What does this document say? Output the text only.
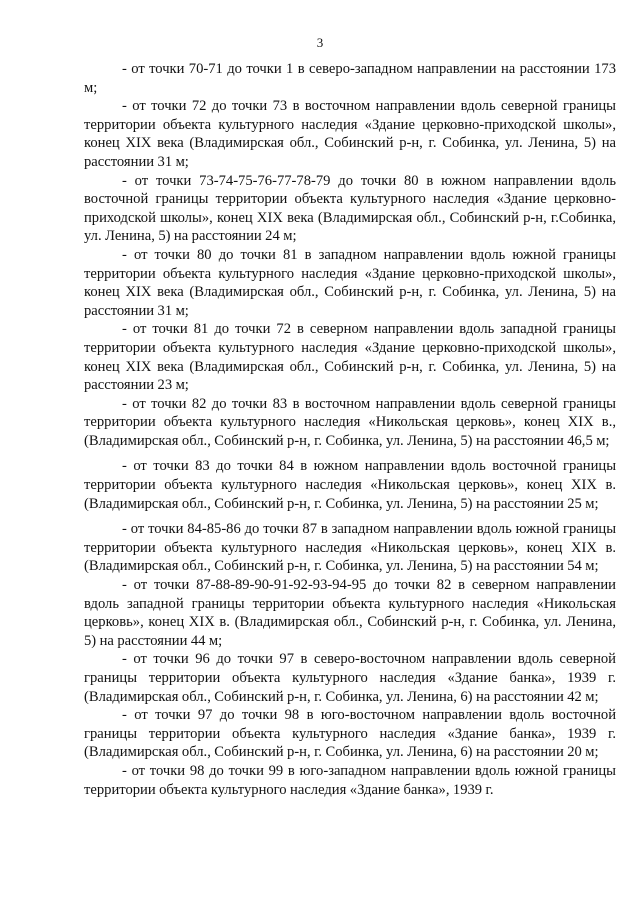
3

- от точки 70-71 до точки 1 в северо-западном направлении на расстоянии 173 м;

- от точки 72 до точки 73 в восточном направлении вдоль северной границы территории объекта культурного наследия «Здание церковно-приходской школы», конец XIX века (Владимирская обл., Собинский р-н, г. Собинка, ул. Ленина, 5) на расстоянии 31 м;

- от точки 73-74-75-76-77-78-79 до точки 80 в южном направлении вдоль восточной границы территории объекта культурного наследия «Здание церковно-приходской школы», конец XIX века (Владимирская обл., Собинский р-н, г.Собинка, ул. Ленина, 5) на расстоянии 24 м;

- от точки 80 до точки 81 в западном направлении вдоль южной границы территории объекта культурного наследия «Здание церковно-приходской школы», конец XIX века (Владимирская обл., Собинский р-н, г. Собинка, ул. Ленина, 5) на расстоянии 31 м;

- от точки 81 до точки 72 в северном направлении вдоль западной границы территории объекта культурного наследия «Здание церковно-приходской школы», конец XIX века (Владимирская обл., Собинский р-н, г. Собинка, ул. Ленина, 5) на расстоянии 23 м;

- от точки 82 до точки 83 в восточном направлении вдоль северной границы территории объекта культурного наследия «Никольская церковь», конец XIX в., (Владимирская обл., Собинский р-н, г. Собинка, ул. Ленина, 5) на расстоянии 46,5 м;

- от точки 83 до точки 84 в южном направлении вдоль восточной границы территории объекта культурного наследия «Никольская церковь», конец XIX в. (Владимирская обл., Собинский р-н, г. Собинка, ул. Ленина, 5) на расстоянии 25 м;

- от точки 84-85-86 до точки 87 в западном направлении вдоль южной границы территории объекта культурного наследия «Никольская церковь», конец XIX в. (Владимирская обл., Собинский р-н, г. Собинка, ул. Ленина, 5) на расстоянии 54 м;

- от точки 87-88-89-90-91-92-93-94-95 до точки 82 в северном направлении вдоль западной границы территории объекта культурного наследия «Никольская церковь», конец XIX в. (Владимирская обл., Собинский р-н, г. Собинка, ул. Ленина, 5) на расстоянии 44 м;

- от точки 96 до точки 97 в северо-восточном направлении вдоль северной границы территории объекта культурного наследия «Здание банка», 1939 г. (Владимирская обл., Собинский р-н, г. Собинка, ул. Ленина, 6) на расстоянии 42 м;

- от точки 97 до точки 98 в юго-восточном направлении вдоль восточной границы территории объекта культурного наследия «Здание банка», 1939 г. (Владимирская обл., Собинский р-н, г. Собинка, ул. Ленина, 6) на расстоянии 20 м;

- от точки 98 до точки 99 в юго-западном направлении вдоль южной границы территории объекта культурного наследия «Здание банка», 1939 г.
